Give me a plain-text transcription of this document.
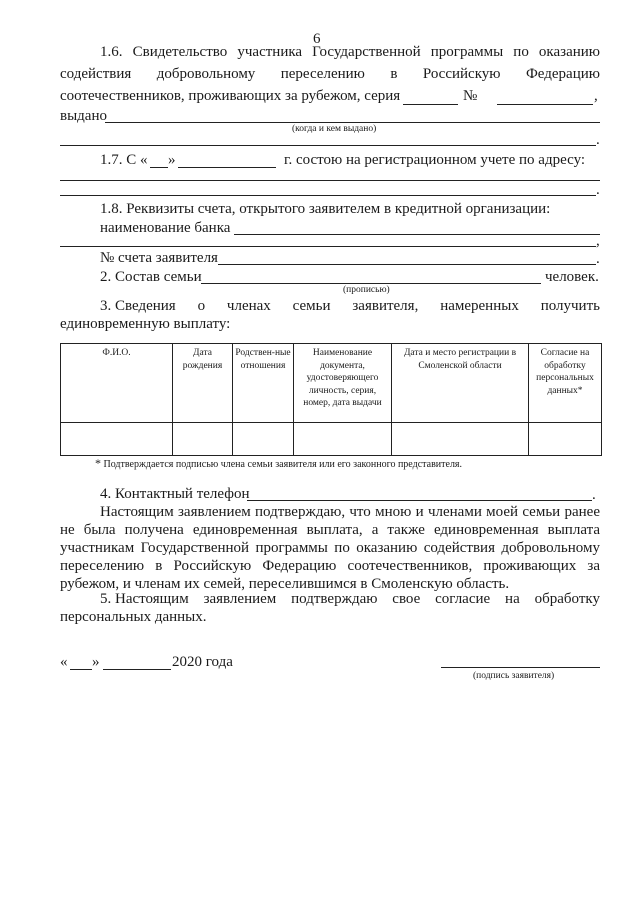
6
1.6. Свидетельство участника Государственной программы по оказанию
содействия добровольному переселению в Российскую Федерацию
соотечественников, проживающих за рубежом, серия	№	,
выдано
(когда и кем выдано)
.
1.7. С « »	г. состою на регистрационном учете по адресу:
.
1.8. Реквизиты счета, открытого заявителем в кредитной организации:
наименование банка
,
№ счета заявителя	.
2. Состав семьи	человек.
(прописью)
3. Сведения о членах семьи заявителя, намеренных получить
единовременную выплату:
Ф.И.О.	Дата рождения	Родствен-ные отношения	Наименование документа, удостоверяющего личность, серия, номер, дата выдачи	Дата и место регистрации в Смоленской области	Согласие на обработку персональных данных*

* Подтверждается подписью члена семьи заявителя или его законного представителя.
4. Контактный телефон	.
Настоящим заявлением подтверждаю, что мною и членами моей семьи ранее
не была получена единовременная выплата, а также единовременная выплата
участникам Государственной программы по оказанию содействия добровольному
переселению в Российскую Федерацию соотечественников, проживающих за
рубежом, и членам их семей, переселившимся в Смоленскую область.
5. Настоящим заявлением подтверждаю свое согласие на обработку
персональных данных.
« »	2020 года
(подпись заявителя)
